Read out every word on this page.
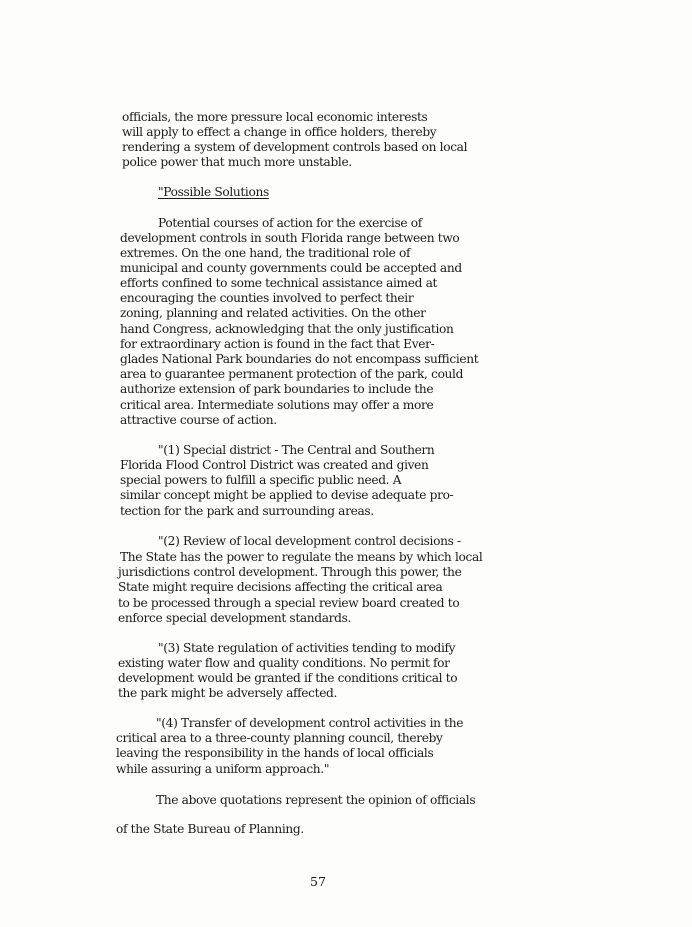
officials, the more pressure local economic interests
will apply to effect a change in office holders, thereby
rendering a system of development controls based on local
police power that much more unstable.
"Possible Solutions
Potential courses of action for the exercise of
development controls in south Florida range between two
extremes. On the one hand, the traditional role of
municipal and county governments could be accepted and
efforts confined to some technical assistance aimed at
encouraging the counties involved to perfect their
zoning, planning and related activities. On the other
hand Congress, acknowledging that the only justification
for extraordinary action is found in the fact that Ever-
glades National Park boundaries do not encompass sufficient
area to guarantee permanent protection of the park, could
authorize extension of park boundaries to include the
critical area. Intermediate solutions may offer a more
attractive course of action.
"(1) Special district - The Central and Southern
Florida Flood Control District was created and given
special powers to fulfill a specific public need. A
similar concept might be applied to devise adequate pro-
tection for the park and surrounding areas.
"(2) Review of local development control decisions -
The State has the power to regulate the means by which local
jurisdictions control development. Through this power, the
State might require decisions affecting the critical area
to be processed through a special review board created to
enforce special development standards.
"(3) State regulation of activities tending to modify
existing water flow and quality conditions. No permit for
development would be granted if the conditions critical to
the park might be adversely affected.
"(4) Transfer of development control activities in the
critical area to a three-county planning council, thereby
leaving the responsibility in the hands of local officials
while assuring a uniform approach."
The above quotations represent the opinion of officials
of the State Bureau of Planning.
57
